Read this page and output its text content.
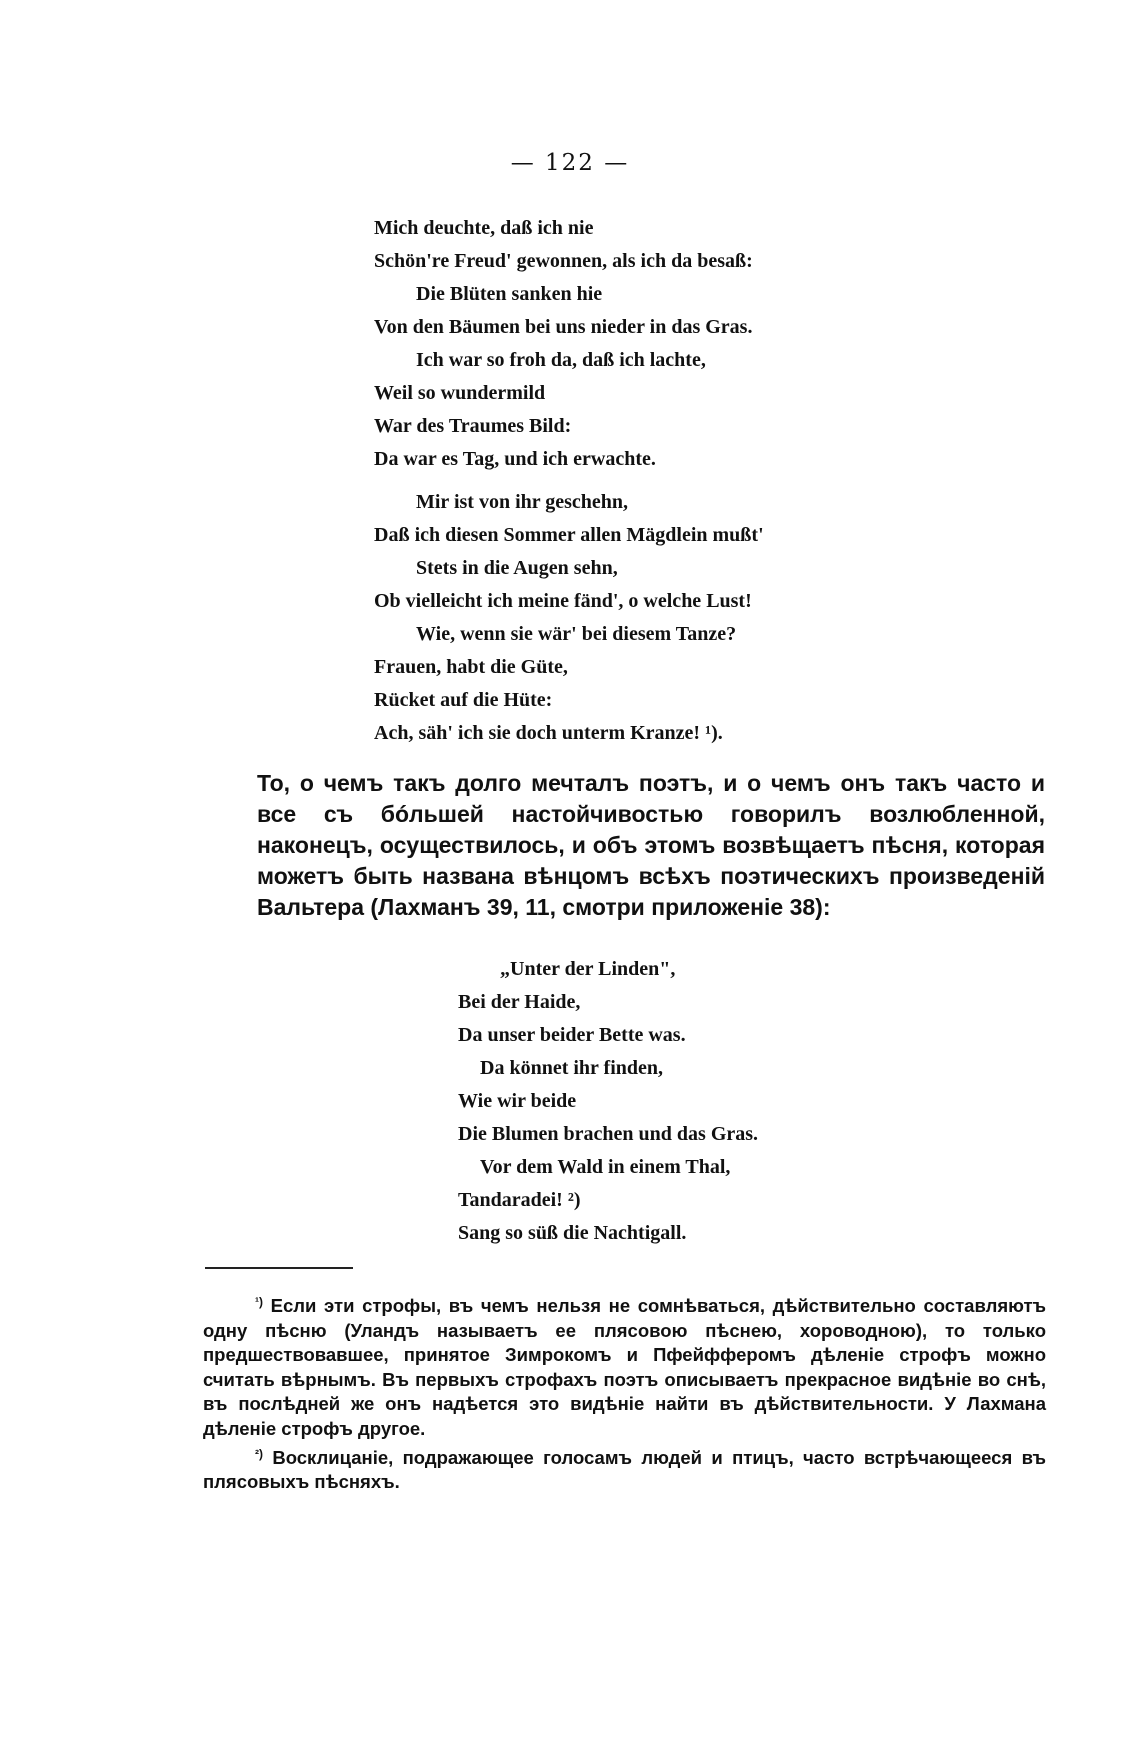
— 122 —
Mich deuchte, daß ich nie
Schön're Freud' gewonnen, als ich da besaß:
Die Blüten sanken hie
Von den Bäumen bei uns nieder in das Gras.
Ich war so froh da, daß ich lachte,
Weil so wundermild
War des Traumes Bild:
Da war es Tag, und ich erwachte.
Mir ist von ihr geschehn,
Daß ich diesen Sommer allen Mägdlein mußt'
Stets in die Augen sehn,
Ob vielleicht ich meine fänd', o welche Lust!
Wie, wenn sie wär' bei diesem Tanze?
Frauen, habt die Güte,
Rücket auf die Hüte:
Ach, säh' ich sie doch unterm Kranze! ¹).

То, о чемъ такъ долго мечталъ поэтъ, и о чемъ онъ такъ часто и все съ бóльшей настойчивостью говорилъ возлюбленной, наконецъ, осуществилось, и объ этомъ возвѣщаетъ пѣсня, которая можетъ быть названа вѣнцомъ всѣхъ поэтическихъ произведенiй Вальтера (Лахманъ 39, 11, смотри приложенiе 38):

„Unter der Linden",
Bei der Haide,
Da unser beider Bette was.
Da könnet ihr finden,
Wie wir beide
Die Blumen brachen und das Gras.
Vor dem Wald in einem Thal,
Tandaradei! ²)
Sang so süß die Nachtigall.

$^{^1)}$ Если эти строфы, въ чемъ нельзя не сомнѣваться, дѣйствительно составляютъ одну пѣсню (Уландъ называетъ ее плясовою пѣснею, хороводною), то только предшествовавшее, принятое Зимрокомъ и Пфейфферомъ дѣленiе строфъ можно считать вѣрнымъ. Въ первыхъ строфахъ поэтъ описываетъ прекрасное видѣнiе во снѣ, въ послѣдней же онъ надѣется это видѣнiе найти въ дѣйствительности. У Лахмана дѣленiе строфъ другое.

$^{^2)}$ Восклицанiе, подражающее голосамъ людей и птицъ, часто встрѣчающееся въ плясовыхъ пѣсняхъ.
